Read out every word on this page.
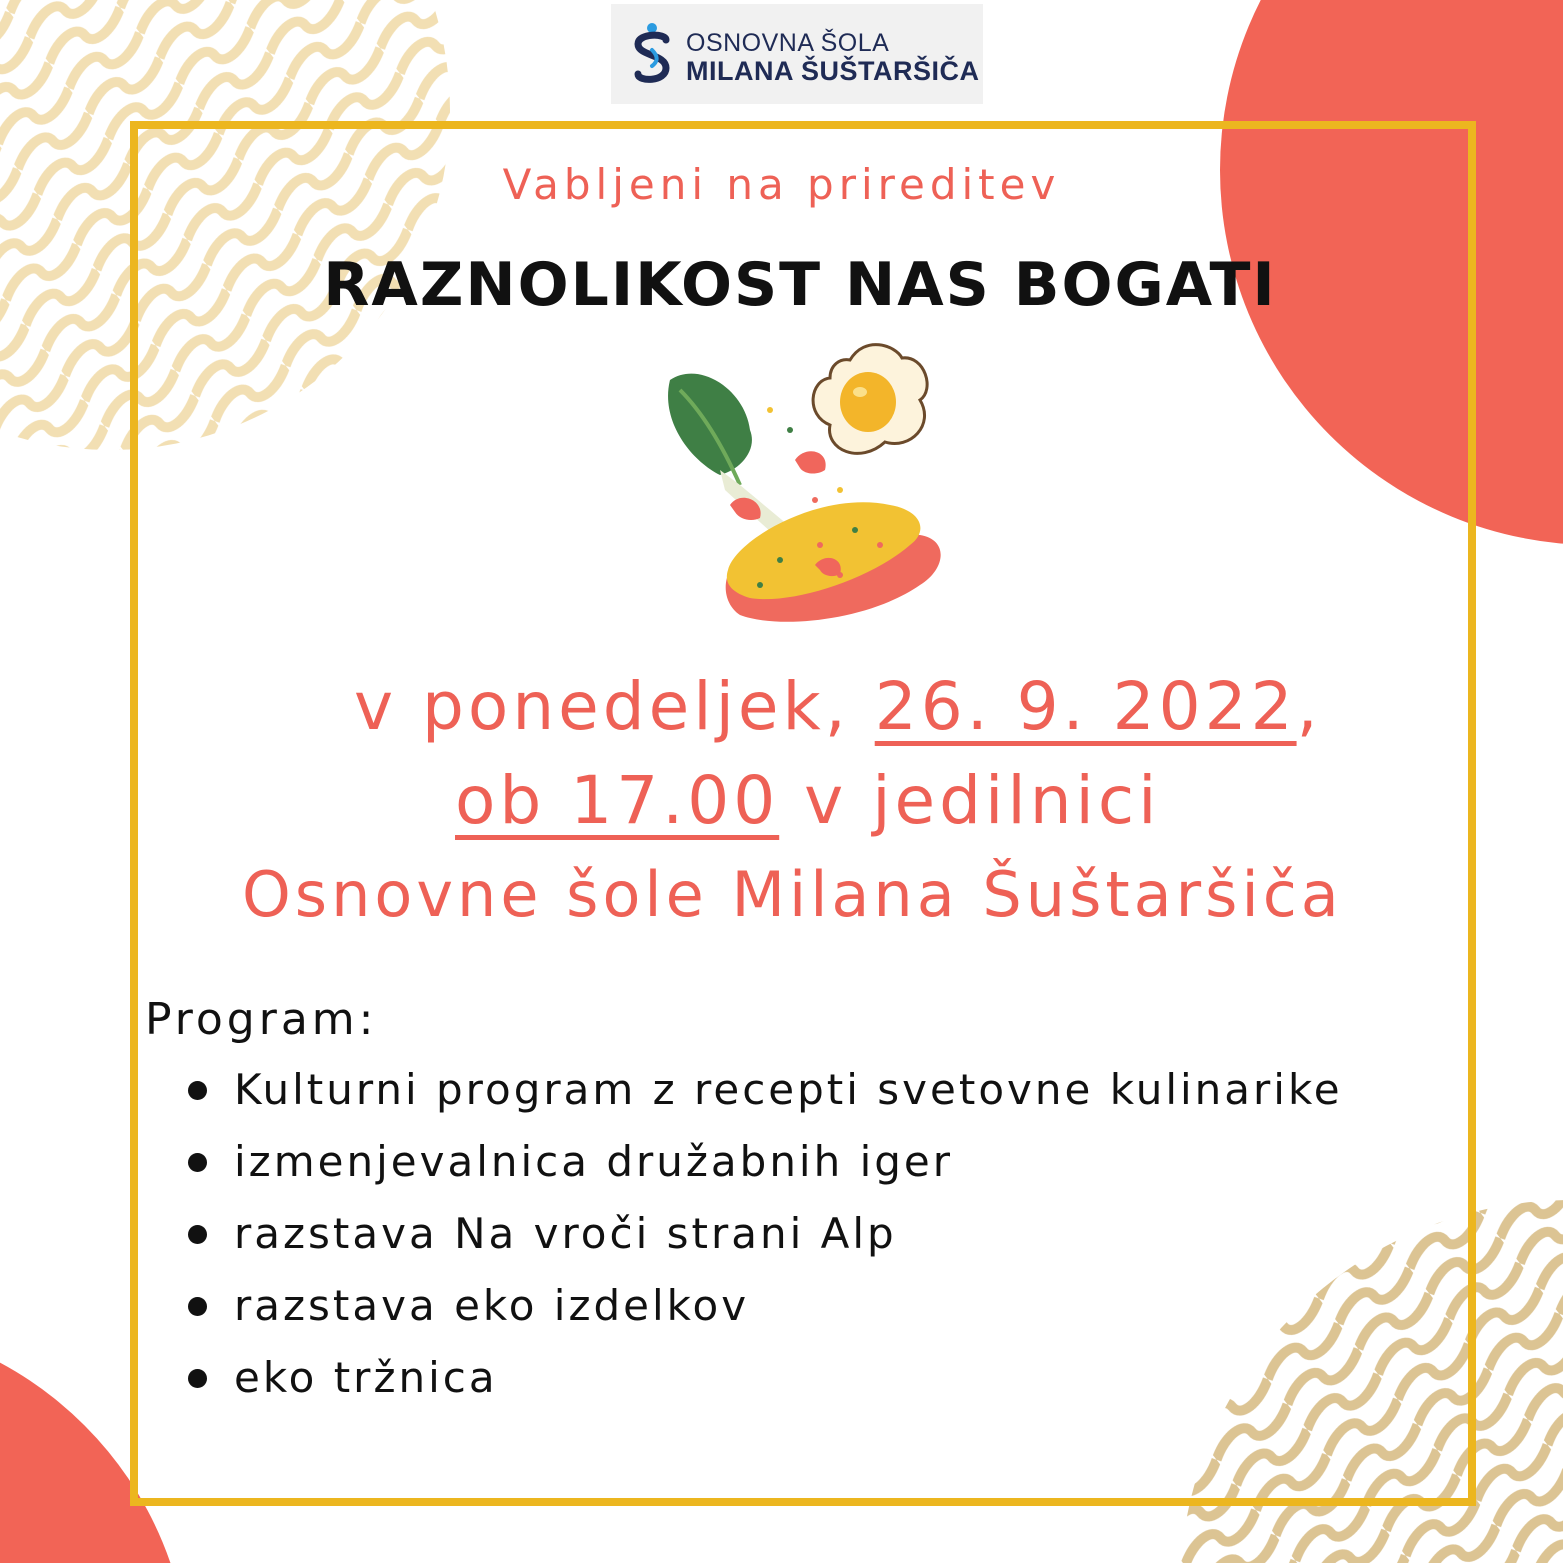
OSNOVNA ŠOLA
MILANA ŠUŠTARŠIČA
Vabljeni na prireditev
RAZNOLIKOST NAS BOGATI
v ponedeljek, 26. 9. 2022,
ob 17.00 v jedilnici
Osnovne šole Milana Šuštaršiča
Program:
Kulturni program z recepti svetovne kulinarike
izmenjevalnica družabnih iger
razstava Na vroči strani Alp
razstava eko izdelkov
eko tržnica
